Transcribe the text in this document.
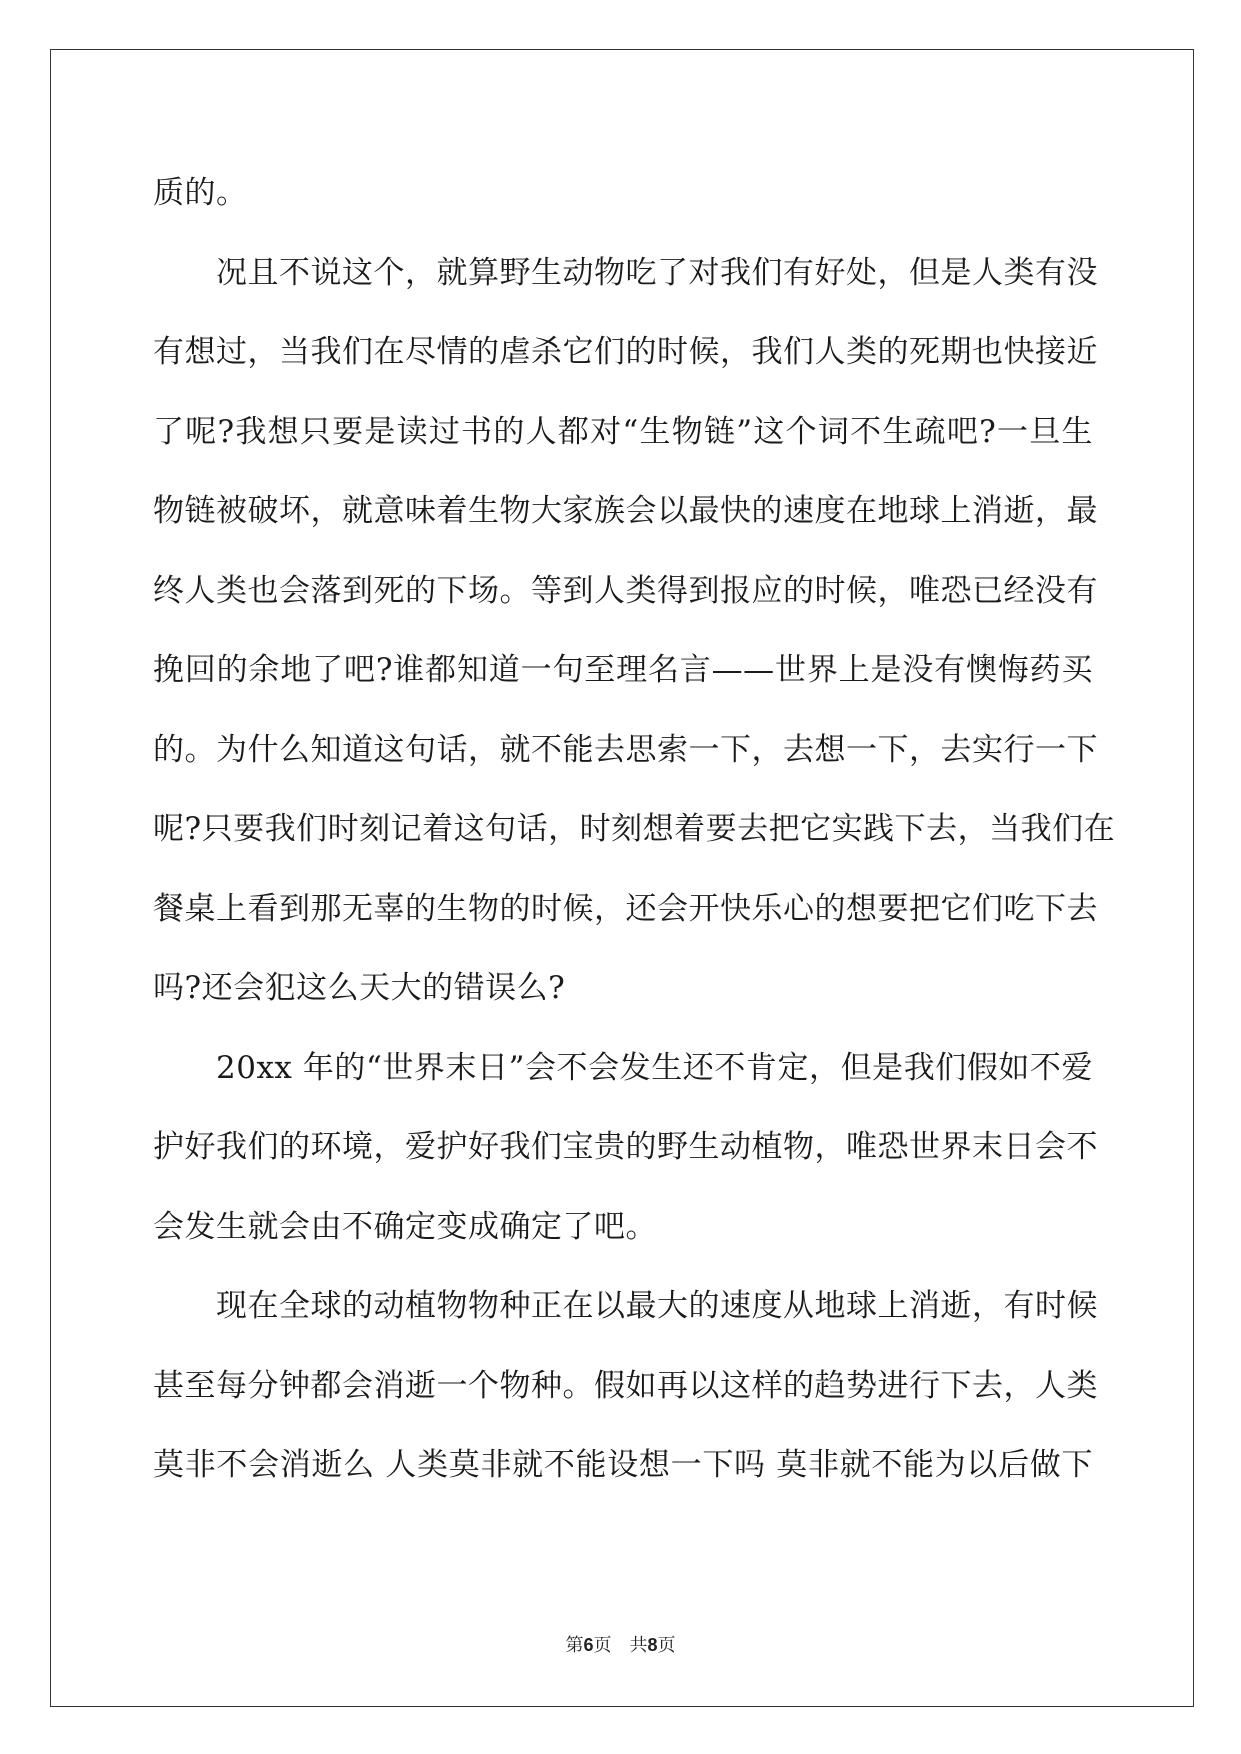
质的。
况且不说这个，就算野生动物吃了对我们有好处，但是人类有没
有想过，当我们在尽情的虐杀它们的时候，我们人类的死期也快接近
了呢?我想只要是读过书的人都对“生物链”这个词不生疏吧?一旦生
物链被破坏，就意味着生物大家族会以最快的速度在地球上消逝，最
终人类也会落到死的下场。等到人类得到报应的时候，唯恐已经没有
挽回的余地了吧?谁都知道一句至理名言——世界上是没有懊悔药买
的。为什么知道这句话，就不能去思索一下，去想一下，去实行一下
呢?只要我们时刻记着这句话，时刻想着要去把它实践下去，当我们在
餐桌上看到那无辜的生物的时候，还会开快乐心的想要把它们吃下去
吗?还会犯这么天大的错误么?
20xx 年的“世界末日”会不会发生还不肯定，但是我们假如不爱
护好我们的环境，爱护好我们宝贵的野生动植物，唯恐世界末日会不
会发生就会由不确定变成确定了吧。
现在全球的动植物物种正在以最大的速度从地球上消逝，有时候
甚至每分钟都会消逝一个物种。假如再以这样的趋势进行下去，人类
莫非不会消逝么 人类莫非就不能设想一下吗 莫非就不能为以后做下
第6页　共8页
